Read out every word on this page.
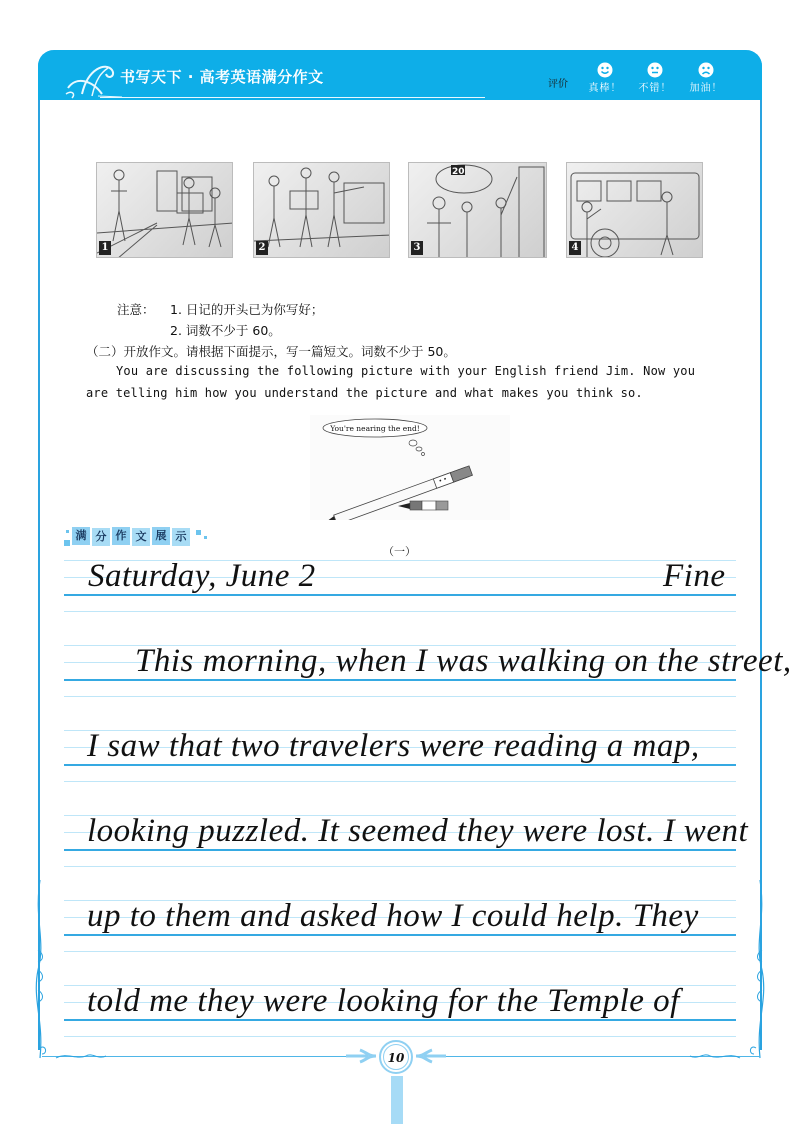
书写天下 · 高考英语满分作文	评价	真棒！	不错！	加油！
1	2
20
3	4
注意： 1. 日记的开头已为你写好；
2. 词数不少于 60。
（二）开放作文。请根据下面提示，写一篇短文。词数不少于 50。
You are discussing the following picture with your English friend Jim. Now you
are telling him how you understand the picture and what makes you think so.
You're nearing the end!
满 分 作 文 展 示
（一）
Saturday, June 2	Fine
This morning, when I was walking on the street,
I saw that two travelers were reading a map,
looking puzzled. It seemed they were lost. I went
up to them and asked how I could help. They
told me they were looking for the Temple of
10
